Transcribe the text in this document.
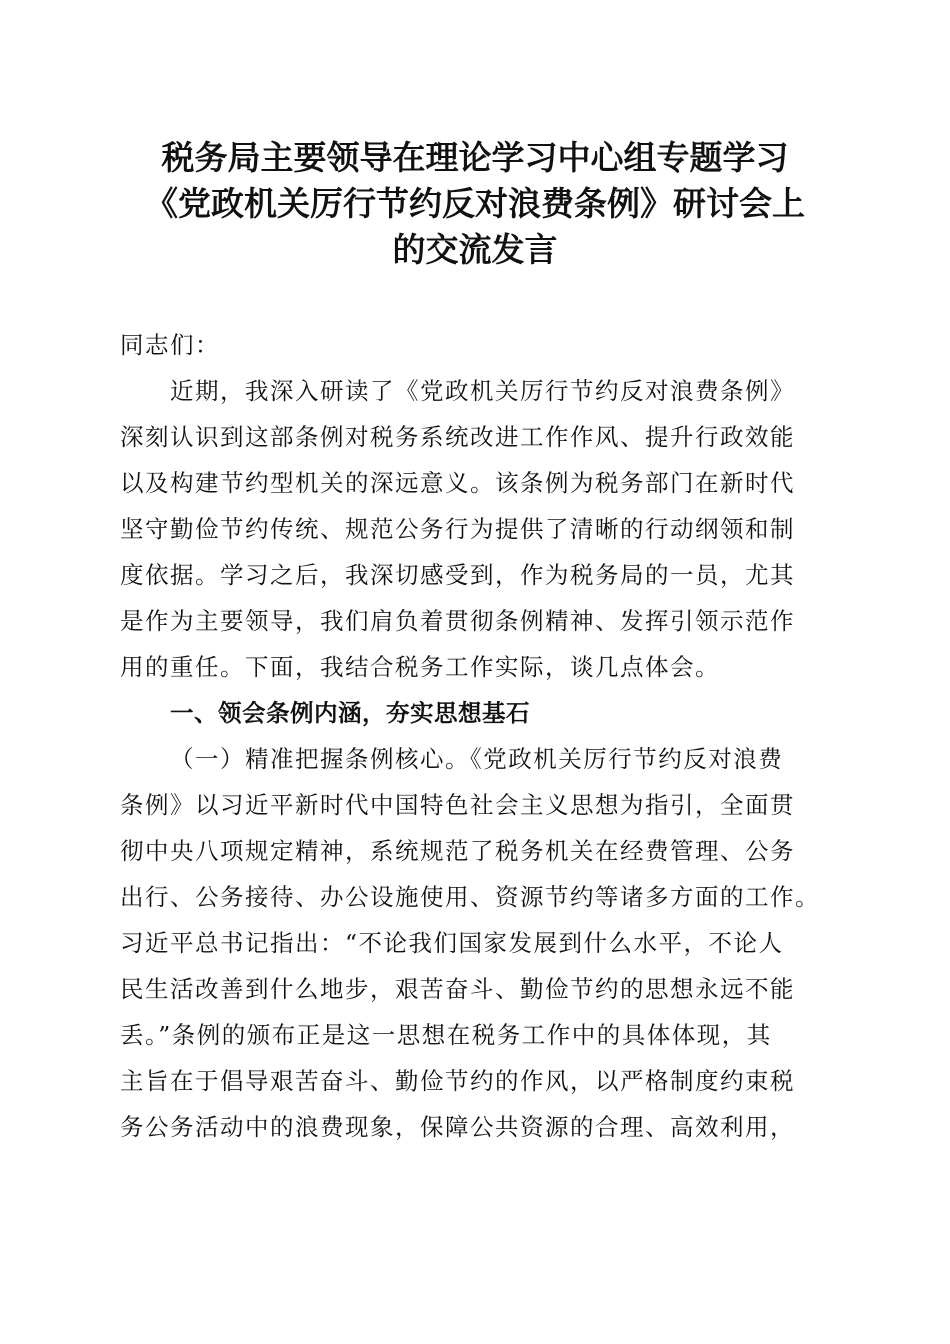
税务局主要领导在理论学习中心组专题学习
《党政机关厉行节约反对浪费条例》研讨会上
的交流发言

同志们：

近期，我深入研读了《党政机关厉行节约反对浪费条例》

深刻认识到这部条例对税务系统改进工作作风、提升行政效能
以及构建节约型机关的深远意义。该条例为税务部门在新时代
坚守勤俭节约传统、规范公务行为提供了清晰的行动纲领和制
度依据。学习之后，我深切感受到，作为税务局的一员，尤其
是作为主要领导，我们肩负着贯彻条例精神、发挥引领示范作
用的重任。下面，我结合税务工作实际，谈几点体会。

一、领会条例内涵，夯实思想基石

（一）精准把握条例核心。《党政机关厉行节约反对浪费

条例》以习近平新时代中国特色社会主义思想为指引，全面贯
彻中央八项规定精神，系统规范了税务机关在经费管理、公务
出行、公务接待、办公设施使用、资源节约等诸多方面的工作。
习近平总书记指出：“不论我们国家发展到什么水平，不论人
民生活改善到什么地步，艰苦奋斗、勤俭节约的思想永远不能
丢。”条例的颁布正是这一思想在税务工作中的具体体现，其
主旨在于倡导艰苦奋斗、勤俭节约的作风，以严格制度约束税
务公务活动中的浪费现象，保障公共资源的合理、高效利用，
